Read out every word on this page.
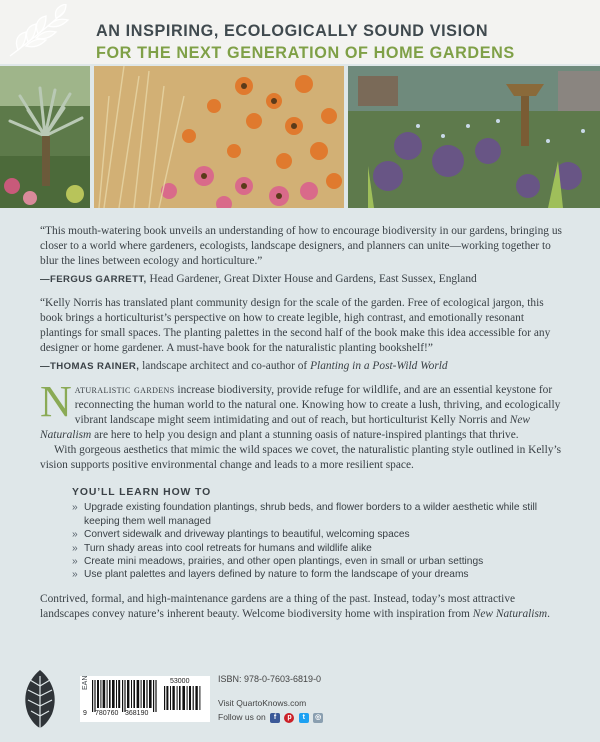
AN INSPIRING, ECOLOGICALLY SOUND VISION
FOR THE NEXT GENERATION OF HOME GARDENS

“This mouth-watering book unveils an understanding of how to encourage biodiversity in our gardens, bringing us closer to a world where gardeners, ecologists, landscape designers, and planners can unite—working together to blur the lines between ecology and horticulture.”

—FERGUS GARRETT, Head Gardener, Great Dixter House and Gardens, East Sussex, England

“Kelly Norris has translated plant community design for the scale of the garden. Free of ecological jargon, this book brings a horticulturist’s perspective on how to create legible, high contrast, and emotionally resonant plantings for small spaces. The planting palettes in the second half of the book make this idea accessible for any designer or home gardener. A must-have book for the naturalistic planting bookshelf!”

—THOMAS RAINER, landscape architect and co-author of Planting in a Post-Wild World

Naturalistic gardens increase biodiversity, provide refuge for wildlife, and are an essential keystone for reconnecting the human world to the natural one. Knowing how to create a lush, thriving, and ecologically vibrant landscape might seem intimidating and out of reach, but horticulturist Kelly Norris and New Naturalism are here to help you design and plant a stunning oasis of nature-inspired plantings that thrive.

With gorgeous aesthetics that mimic the wild spaces we covet, the naturalistic planting style outlined in Kelly’s vision supports positive environmental change and leads to a more resilient space.

YOU’LL LEARN HOW TO
» Upgrade existing foundation plantings, shrub beds, and flower borders to a wilder aesthetic while still keeping them well managed
» Convert sidewalk and driveway plantings to beautiful, welcoming spaces
» Turn shady areas into cool retreats for humans and wildlife alike
» Create mini meadows, prairies, and other open plantings, even in small or urban settings
» Use plant palettes and layers defined by nature to form the landscape of your dreams

Contrived, formal, and high-maintenance gardens are a thing of the past. Instead, today’s most attractive landscapes convey nature’s inherent beauty. Welcome biodiversity home with inspiration from New Naturalism.

EAN
9 780760 368190
53000	ISBN: 978-0-7603-6819-0
Visit QuartoKnows.com
Follow us on f p t ◎
